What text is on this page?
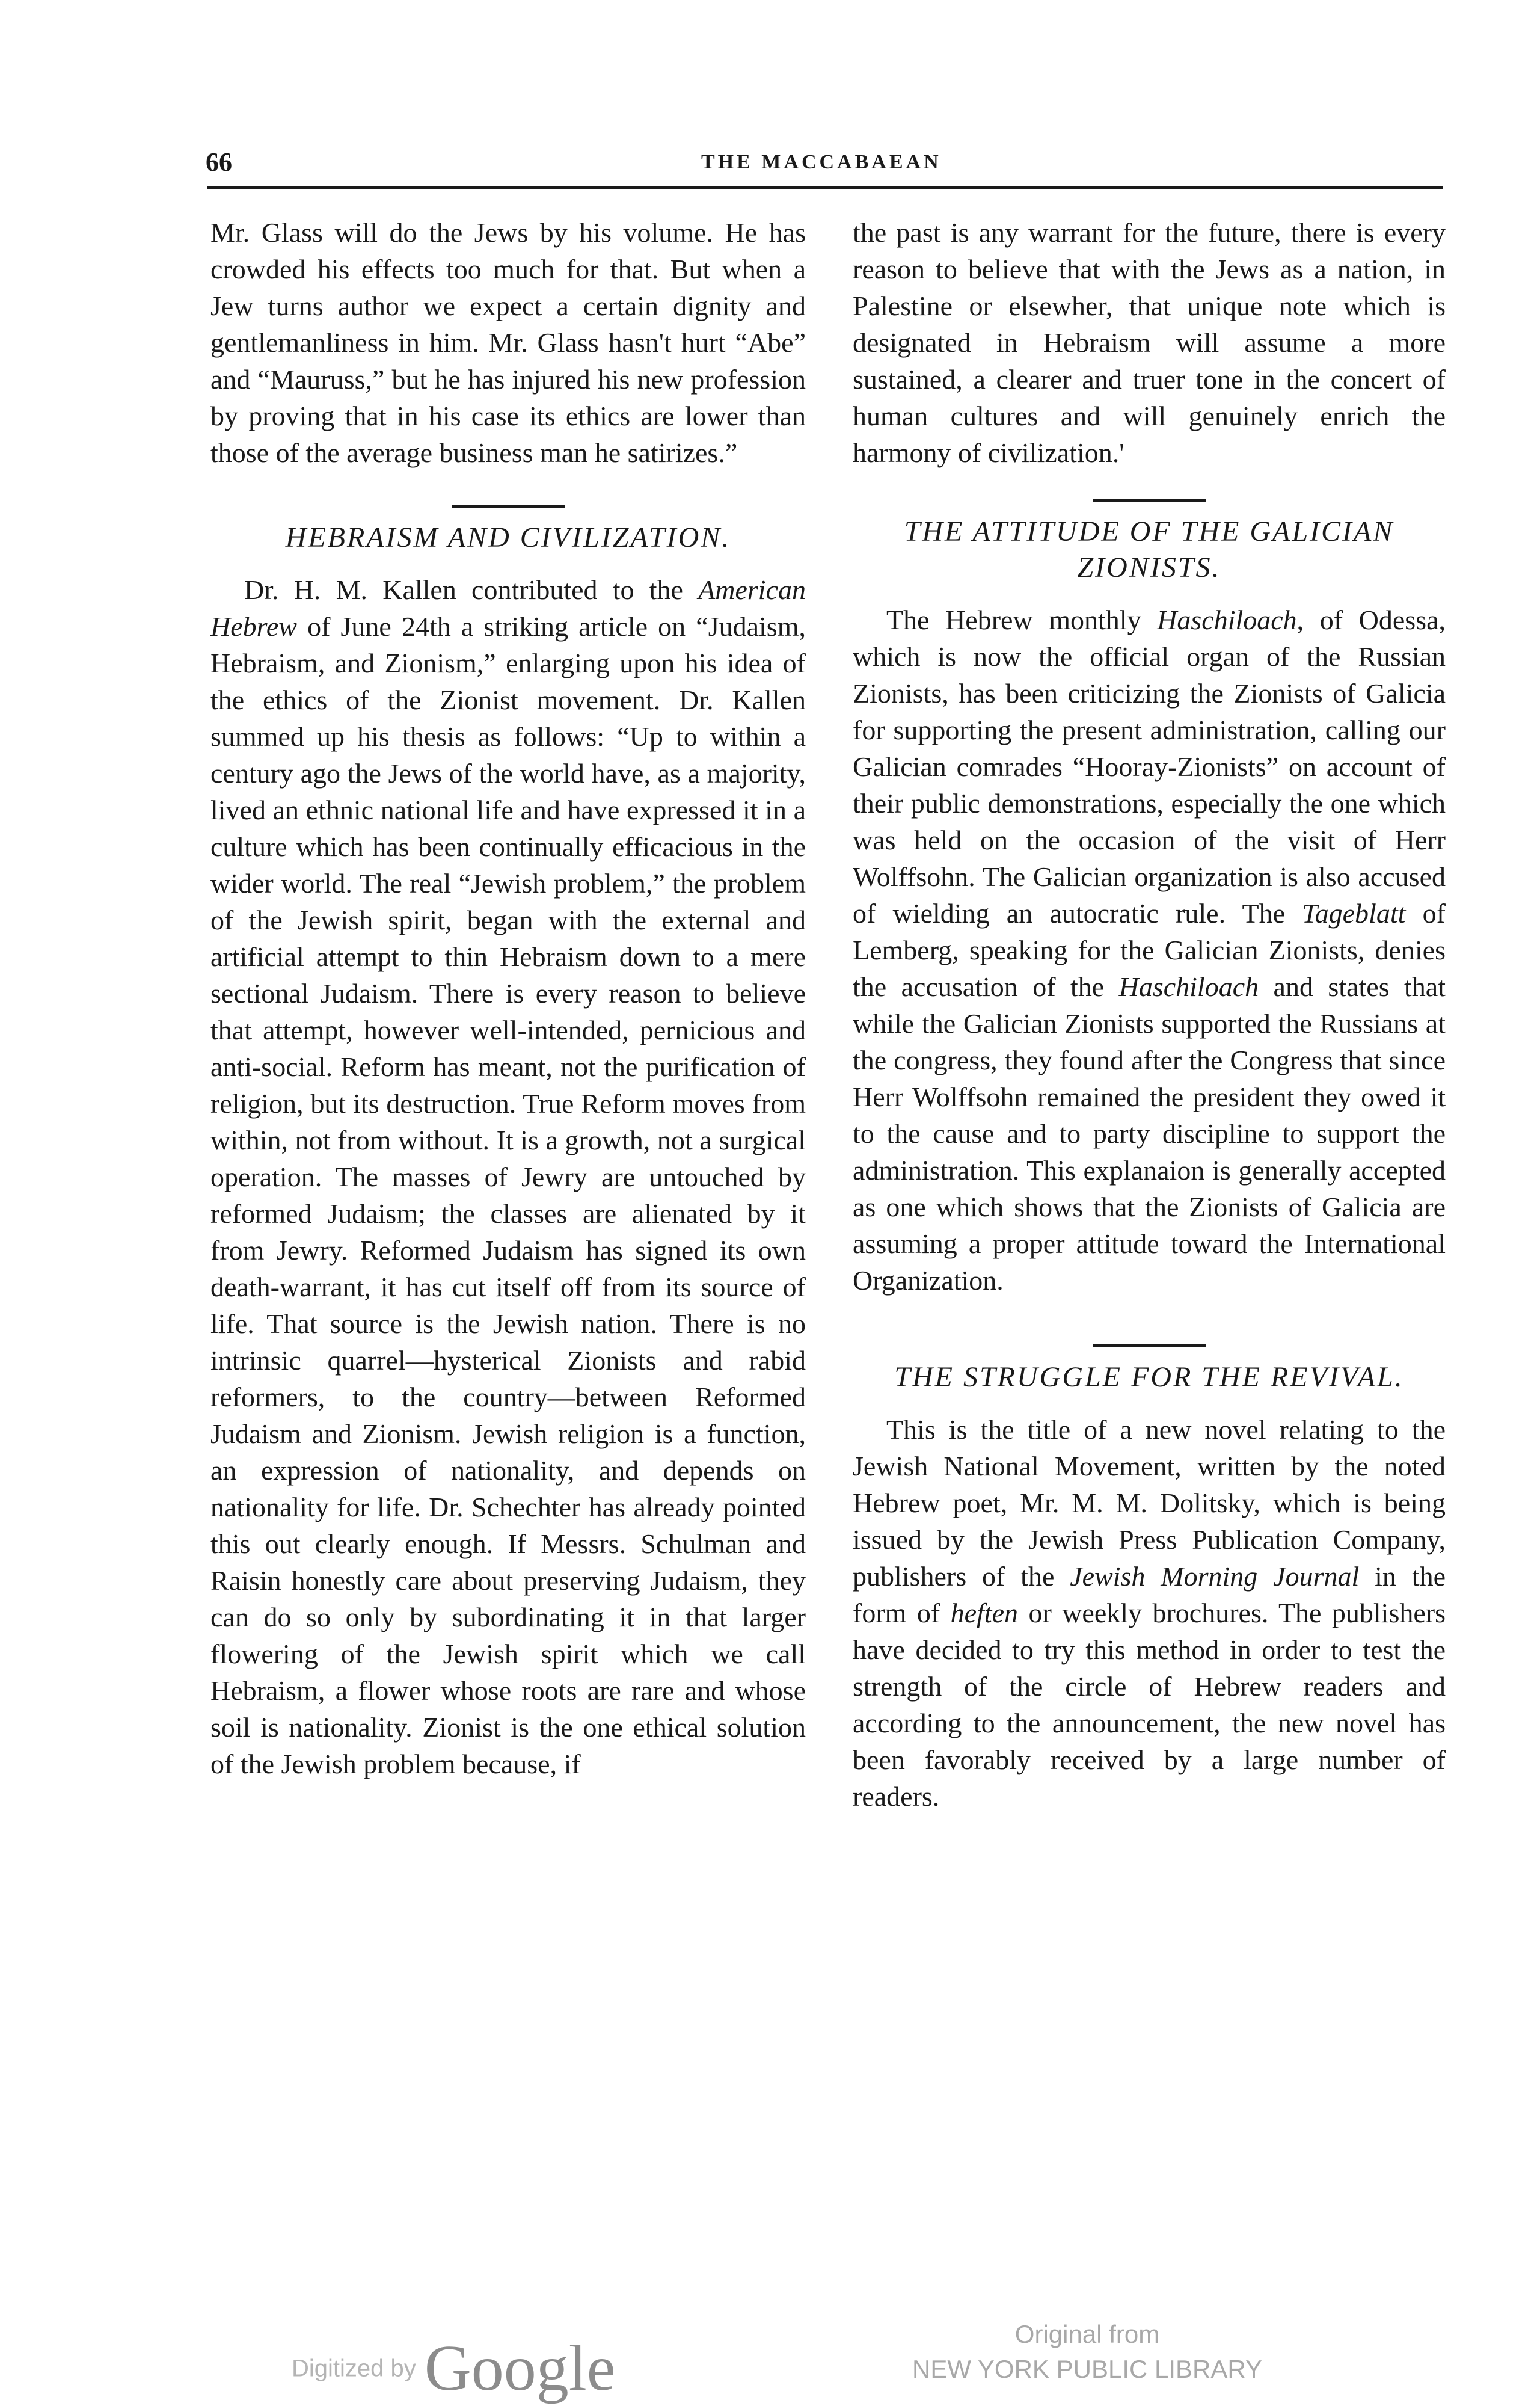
66	THE MACCABAEAN

Mr. Glass will do the Jews by his volume. He has crowded his effects too much for that. But when a Jew turns author we expect a certain dignity and gentlemanliness in him. Mr. Glass hasn't hurt “Abe” and “Mauruss,” but he has injured his new profession by proving that in his case its ethics are lower than those of the average business man he satirizes.”

HEBRAISM AND CIVILIZATION.

Dr. H. M. Kallen contributed to the American Hebrew of June 24th a striking article on “Judaism, Hebraism, and Zionism,” enlarging upon his idea of the ethics of the Zionist movement. Dr. Kallen summed up his thesis as follows: “Up to within a century ago the Jews of the world have, as a majority, lived an ethnic national life and have expressed it in a culture which has been continually efficacious in the wider world. The real “Jewish problem,” the problem of the Jewish spirit, began with the external and artificial attempt to thin Hebraism down to a mere sectional Judaism. There is every reason to believe that attempt, however well-intended, pernicious and anti-social. Reform has meant, not the purification of religion, but its destruction. True Reform moves from within, not from without. It is a growth, not a surgical operation. The masses of Jewry are untouched by reformed Judaism; the classes are alienated by it from Jewry. Reformed Judaism has signed its own death-warrant, it has cut itself off from its source of life. That source is the Jewish nation. There is no intrinsic quarrel—hysterical Zionists and rabid reformers, to the country—between Reformed Judaism and Zionism. Jewish religion is a function, an expression of nationality, and depends on nationality for life. Dr. Schechter has already pointed this out clearly enough. If Messrs. Schulman and Raisin honestly care about preserving Judaism, they can do so only by subordinating it in that larger flowering of the Jewish spirit which we call Hebraism, a flower whose roots are rare and whose soil is nationality. Zionist is the one ethical solution of the Jewish problem because, if

the past is any warrant for the future, there is every reason to believe that with the Jews as a nation, in Palestine or elsewher, that unique note which is designated in Hebraism will assume a more sustained, a clearer and truer tone in the concert of human cultures and will genuinely enrich the harmony of civilization.'

THE ATTITUDE OF THE GALICIAN ZIONISTS.

The Hebrew monthly Haschiloach, of Odessa, which is now the official organ of the Russian Zionists, has been criticizing the Zionists of Galicia for supporting the present administration, calling our Galician comrades “Hooray-Zionists” on account of their public demonstrations, especially the one which was held on the occasion of the visit of Herr Wolffsohn. The Galician organization is also accused of wielding an autocratic rule. The Tageblatt of Lemberg, speaking for the Galician Zionists, denies the accusation of the Haschiloach and states that while the Galician Zionists supported the Russians at the congress, they found after the Congress that since Herr Wolffsohn remained the president they owed it to the cause and to party discipline to support the administration. This explanaion is generally accepted as one which shows that the Zionists of Galicia are assuming a proper attitude toward the International Organization.

THE STRUGGLE FOR THE REVIVAL.

This is the title of a new novel relating to the Jewish National Movement, written by the noted Hebrew poet, Mr. M. M. Dolitsky, which is being issued by the Jewish Press Publication Company, publishers of the Jewish Morning Journal in the form of heften or weekly brochures. The publishers have decided to try this method in order to test the strength of the circle of Hebrew readers and according to the announcement, the new novel has been favorably received by a large number of readers.

Digitized by Google	Original from
NEW YORK PUBLIC LIBRARY
